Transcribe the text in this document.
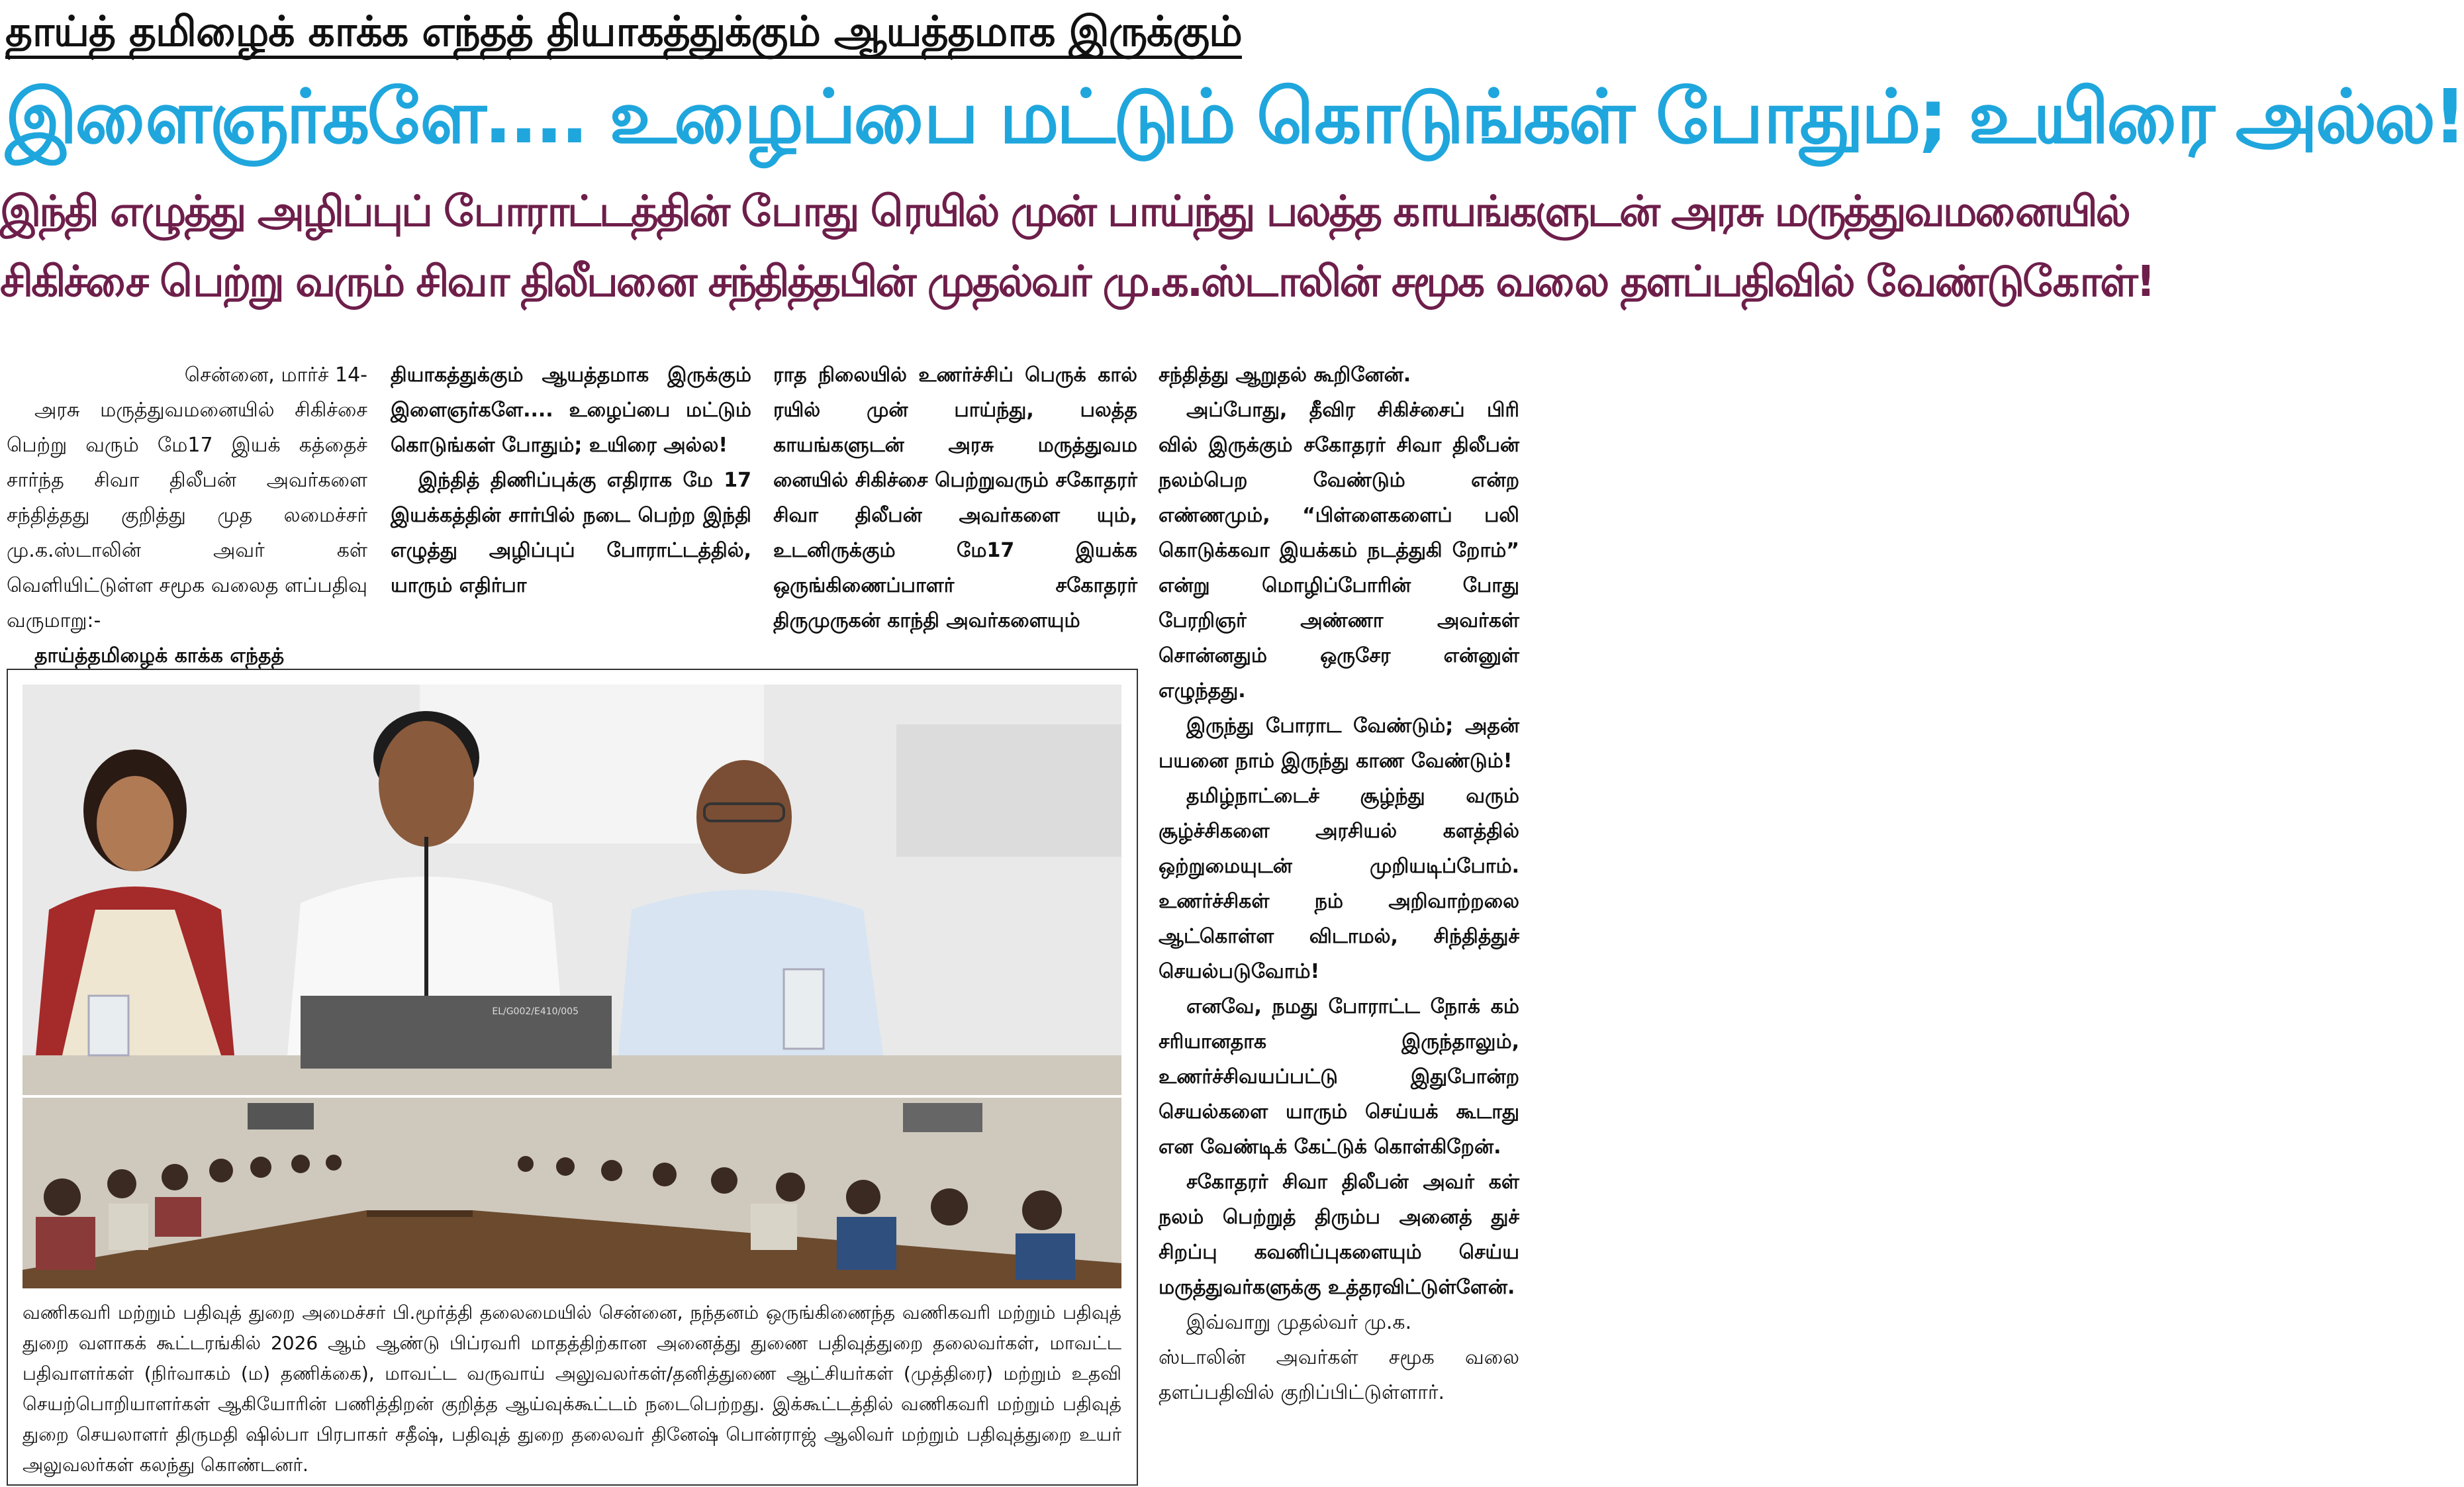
தாய்த் தமிழைக் காக்க எந்தத் தியாகத்துக்கும் ஆயத்தமாக இருக்கும்
இளைஞர்களே.... உழைப்பை மட்டும் கொடுங்கள் போதும்; உயிரை அல்ல!
இந்தி எழுத்து அழிப்புப் போராட்டத்தின் போது ரெயில் முன் பாய்ந்து பலத்த காயங்களுடன் அரசு மருத்துவமனையில்
சிகிச்சை பெற்று வரும் சிவா திலீபனை சந்தித்தபின் முதல்வர் மு.க.ஸ்டாலின் சமூக வலை தளப்பதிவில் வேண்டுகோள்!

சென்னை, மார்ச் 14-

அரசு மருத்துவமனையில் சிகிச்சை பெற்று வரும் மே17 இயக் கத்தைச் சார்ந்த சிவா திலீபன் அவர்களை சந்தித்தது குறித்து முத லமைச்சர் மு.க.ஸ்டாலின் அவர் கள் வெளியிட்டுள்ள சமூக வலைத ளப்பதிவு வருமாறு:-

தாய்த்தமிழைக் காக்க எந்தத்

தியாகத்துக்கும் ஆயத்தமாக இருக்கும் இளைஞர்களே.... உழைப்பை மட்டும் கொடுங்கள் போதும்; உயிரை அல்ல!

இந்தித் திணிப்புக்கு எதிராக மே 17 இயக்கத்தின் சார்பில் நடை பெற்ற இந்தி எழுத்து அழிப்புப் போராட்டத்தில், யாரும் எதிர்பா

ராத நிலையில் உணர்ச்சிப் பெருக் கால் ரயில் முன் பாய்ந்து, பலத்த காயங்களுடன் அரசு மருத்துவம னையில் சிகிச்சை பெற்றுவரும் சகோதரர் சிவா திலீபன் அவர்களை யும், உடனிருக்கும் மே17 இயக்க ஒருங்கிணைப்பாளர் சகோதரர் திருமுருகன் காந்தி அவர்களையும்

சந்தித்து ஆறுதல் கூறினேன்.

அப்போது, தீவிர சிகிச்சைப் பிரி வில் இருக்கும் சகோதரர் சிவா திலீபன் நலம்பெற வேண்டும் என்ற எண்ணமும், “பிள்ளைகளைப் பலி கொடுக்கவா இயக்கம் நடத்துகி றோம்” என்று மொழிப்போரின் போது பேரறிஞர் அண்ணா அவர்கள் சொன்னதும் ஒருசேர என்னுள் எழுந்தது.

இருந்து போராட வேண்டும்; அதன் பயனை நாம் இருந்து காண வேண்டும்!

தமிழ்நாட்டைச் சூழ்ந்து வரும் சூழ்ச்சிகளை அரசியல் களத்தில் ஒற்றுமையுடன் முறியடிப்போம். உணர்ச்சிகள் நம் அறிவாற்றலை ஆட்கொள்ள விடாமல், சிந்தித்துச் செயல்படுவோம்!

எனவே, நமது போராட்ட நோக் கம் சரியானதாக இருந்தாலும், உணர்ச்சிவயப்பட்டு இதுபோன்ற செயல்களை யாரும் செய்யக் கூடாது என வேண்டிக் கேட்டுக் கொள்கிறேன்.

சகோதரர் சிவா திலீபன் அவர் கள் நலம் பெற்றுத் திரும்ப அனைத் துச் சிறப்பு கவனிப்புகளையும் செய்ய மருத்துவர்களுக்கு உத்தரவிட்டுள்ளேன்.

இவ்வாறு முதல்வர் மு.க.

ஸ்டாலின் அவர்கள் சமூக வலை தளப்பதிவில் குறிப்பிட்டுள்ளார்.

EL/G002/E410/005
வணிகவரி மற்றும் பதிவுத் துறை அமைச்சர் பி.மூர்த்தி தலைமையில் சென்னை, நந்தனம் ஒருங்கிணைந்த வணிகவரி மற்றும் பதிவுத் துறை வளாகக் கூட்டரங்கில் 2026 ஆம் ஆண்டு பிப்ரவரி மாதத்திற்கான அனைத்து துணை பதிவுத்துறை தலைவர்கள், மாவட்ட பதிவாளர்கள் (நிர்வாகம் (ம) தணிக்கை), மாவட்ட வருவாய் அலுவலர்கள்/தனித்துணை ஆட்சியர்கள் (முத்திரை) மற்றும் உதவி செயற்பொறியாளர்கள் ஆகியோரின் பணித்திறன் குறித்த ஆய்வுக்கூட்டம் நடைபெற்றது. இக்கூட்டத்தில் வணிகவரி மற்றும் பதிவுத் துறை செயலாளர் திருமதி ஷில்பா பிரபாகர் சதீஷ், பதிவுத் துறை தலைவர் தினேஷ் பொன்ராஜ் ஆலிவர் மற்றும் பதிவுத்துறை உயர் அலுவலர்கள் கலந்து கொண்டனர்.
